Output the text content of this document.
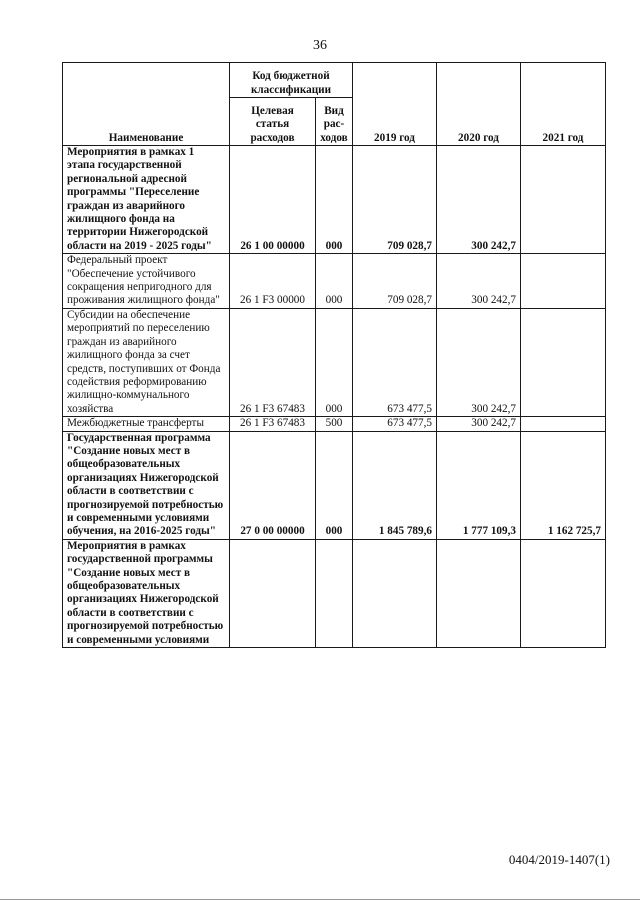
36
Наименование	Код бюджетной классификации		2019 год	2020 год	2021 год
	Целевая статья расходов	Вид рас-ходов			
Мероприятия в рамках 1 этапа государственной региональной адресной программы "Переселение граждан из аварийного жилищного фонда на территории Нижегородской области на 2019 - 2025 годы"	26 1 00 00000	000	709 028,7	300 242,7	
Федеральный проект "Обеспечение устойчивого сокращения непригодного для проживания жилищного фонда"	26 1 F3 00000	000	709 028,7	300 242,7	
Субсидии на обеспечение мероприятий по переселению граждан из аварийного жилищного фонда за счет средств, поступивших от Фонда содействия реформированию жилищно-коммунального хозяйства	26 1 F3 67483	000	673 477,5	300 242,7	
Межбюджетные трансферты	26 1 F3 67483	500	673 477,5	300 242,7	
Государственная программа "Создание новых мест в общеобразовательных организациях Нижегородской области в соответствии с прогнозируемой потребностью и современными условиями обучения, на 2016-2025 годы"	27 0 00 00000	000	1 845 789,6	1 777 109,3	1 162 725,7
Мероприятия в рамках государственной программы "Создание новых мест в общеобразовательных организациях Нижегородской области в соответствии с прогнозируемой потребностью и современными условиями					
0404/2019-1407(1)
